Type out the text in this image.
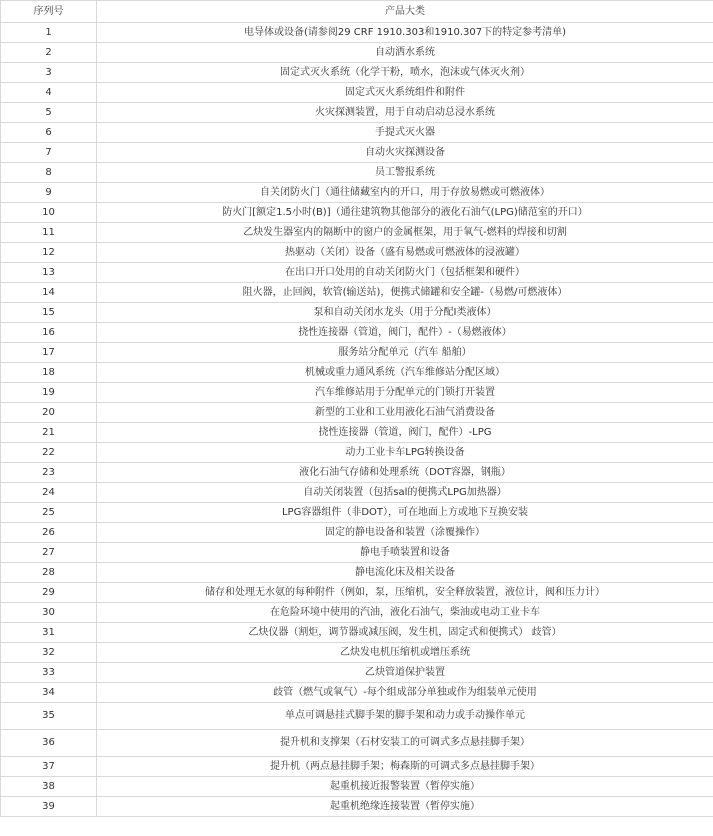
序列号	产品大类
1	电导体或设备(请参阅29 CRF 1910.303和1910.307下的特定参考清单)
2	自动洒水系统
3	固定式灭火系统（化学干粉，喷水，泡沫或气体灭火剂）
4	固定式灭火系统组件和附件
5	火灾探测装置，用于自动启动总浸水系统
6	手提式灭火器
7	自动火灾探测设备
8	员工警报系统
9	自关闭防火门（通往储藏室内的开口，用于存放易燃或可燃液体）
10	防火门[额定1.5小时(B)]（通往建筑物其他部分的液化石油气(LPG)储范室的开口）
11	乙炔发生器室内的隔断中的窗户的金属框架，用于氧气-燃料的焊接和切割
12	热驱动（关闭）设备（盛有易燃或可燃液体的浸液罐）
13	在出口开口处用的自动关闭防火门（包括框架和硬件）
14	阻火器，止回阀，软管(输送站)，便携式储罐和安全罐-（易燃/可燃液体）
15	泵和自动关闭水龙头（用于分配Ⅰ类液体）
16	挠性连接器（管道，阀门，配件）-（易燃液体）
17	服务站分配单元（汽车 船舶）
18	机械或重力通风系统（汽车维修站分配区域）
19	汽车维修站用于分配单元的门锁打开装置
20	新型的工业和工业用液化石油气消费设备
21	挠性连接器（管道，阀门，配件）-LPG
22	动力工业卡车LPG转换设备
23	液化石油气存储和处理系统（DOT容器，钢瓶）
24	自动关闭装置（包括sal的便携式LPG加热器）
25	LPG容器组件（非DOT），可在地面上方或地下互换安装
26	固定的静电设备和装置（涂覆操作）
27	静电手喷装置和设备
28	静电流化床及相关设备
29	储存和处理无水氨的每种附件（例如，泵，压缩机，安全释放装置，液位计，阀和压力计）
30	在危险环境中使用的汽油，液化石油气，柴油或电动工业卡车
31	乙炔仪器（割炬，调节器或减压阀，发生机，固定式和便携式） 歧管）
32	乙炔发电机压缩机或增压系统
33	乙炔管道保护装置
34	歧管（燃气或氧气）-每个组成部分单独或作为组装单元使用
35	单点可调悬挂式脚手架的脚手架和动力或手动操作单元
36	提升机和支撑架（石材安装工的可调式多点悬挂脚手架）
37	提升机（两点悬挂脚手架；梅森斯的可调式多点悬挂脚手架）
38	起重机接近报警装置（暂停实施）
39	起重机绝缘连接装置（暂停实施）
